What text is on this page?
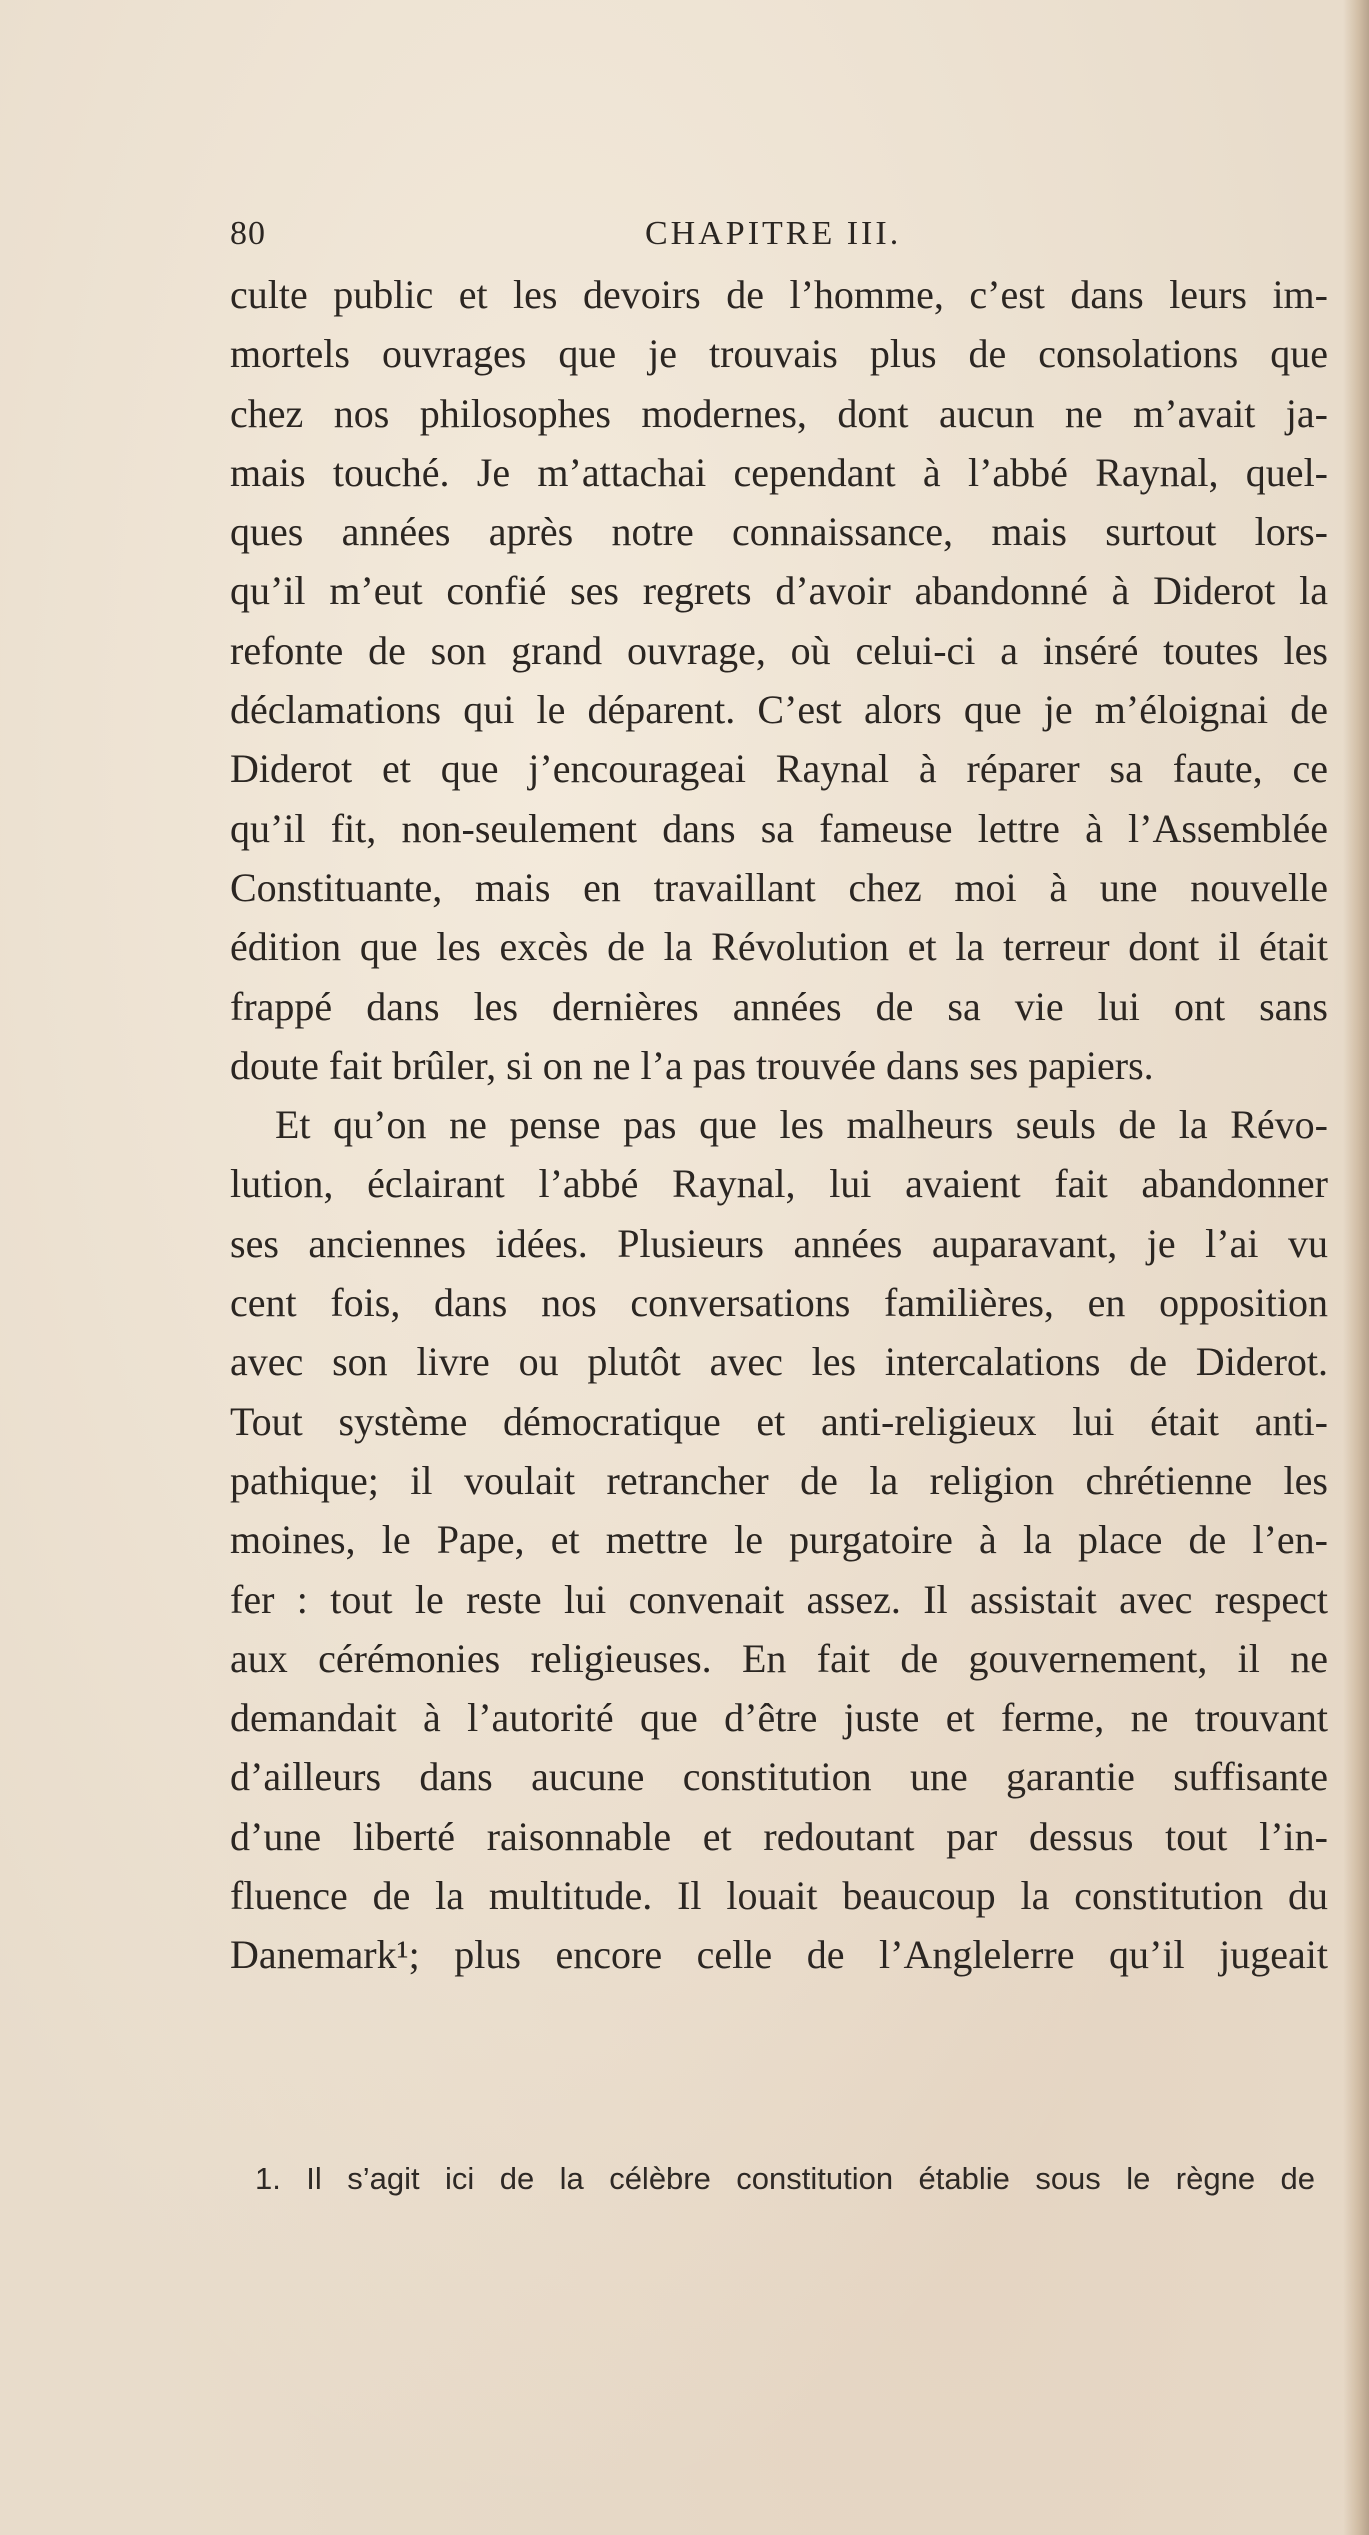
80	CHAPITRE III.
culte public et les devoirs de l’homme, c’est dans leurs im-
mortels ouvrages que je trouvais plus de consolations que
chez nos philosophes modernes, dont aucun ne m’avait ja-
mais touché. Je m’attachai cependant à l’abbé Raynal, quel-
ques années après notre connaissance, mais surtout lors-
qu’il m’eut confié ses regrets d’avoir abandonné à Diderot la
refonte de son grand ouvrage, où celui-ci a inséré toutes les
déclamations qui le déparent. C’est alors que je m’éloignai de
Diderot et que j’encourageai Raynal à réparer sa faute, ce
qu’il fit, non-seulement dans sa fameuse lettre à l’Assemblée
Constituante, mais en travaillant chez moi à une nouvelle
édition que les excès de la Révolution et la terreur dont il était
frappé dans les dernières années de sa vie lui ont sans
doute fait brûler, si on ne l’a pas trouvée dans ses papiers.
Et qu’on ne pense pas que les malheurs seuls de la Révo-
lution, éclairant l’abbé Raynal, lui avaient fait abandonner
ses anciennes idées. Plusieurs années auparavant, je l’ai vu
cent fois, dans nos conversations familières, en opposition
avec son livre ou plutôt avec les intercalations de Diderot.
Tout système démocratique et anti-religieux lui était anti-
pathique; il voulait retrancher de la religion chrétienne les
moines, le Pape, et mettre le purgatoire à la place de l’en-
fer : tout le reste lui convenait assez. Il assistait avec respect
aux cérémonies religieuses. En fait de gouvernement, il ne
demandait à l’autorité que d’être juste et ferme, ne trouvant
d’ailleurs dans aucune constitution une garantie suffisante
d’une liberté raisonnable et redoutant par dessus tout l’in-
fluence de la multitude. Il louait beaucoup la constitution du
Danemark¹; plus encore celle de l’Anglelerre qu’il jugeait
1. Il s’agit ici de la célèbre constitution établie sous le règne de
